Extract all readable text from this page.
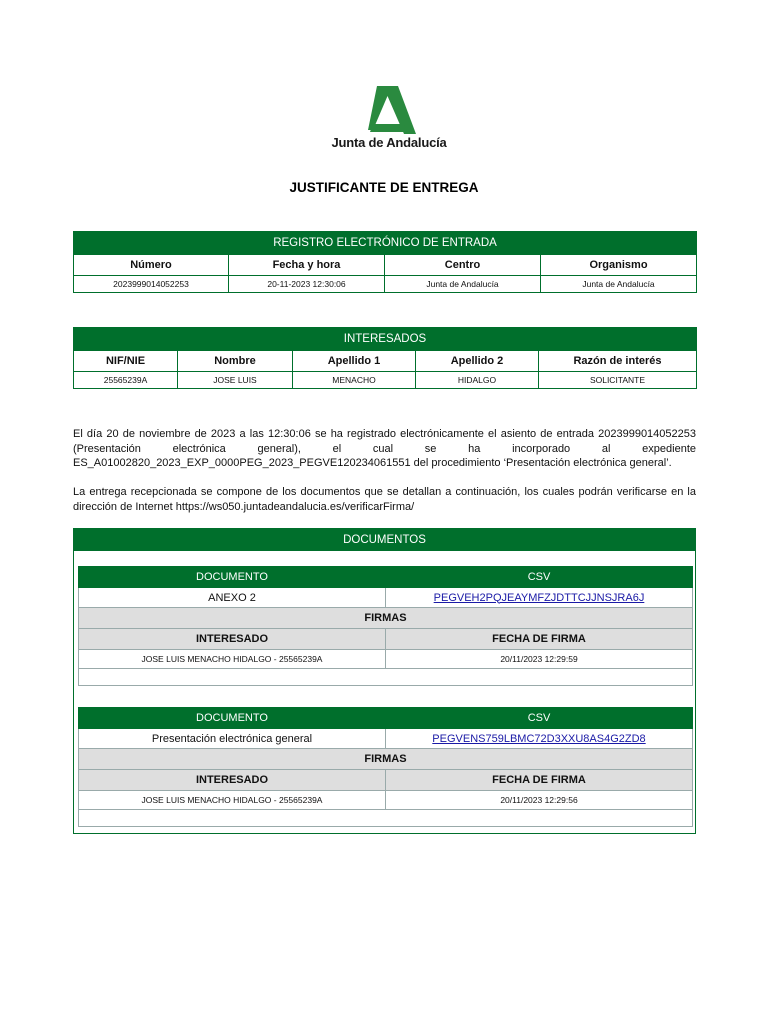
Junta de Andalucía
JUSTIFICANTE DE ENTREGA
REGISTRO ELECTRÓNICO DE ENTRADA			
Número	Fecha y hora	Centro	Organismo
2023999014052253	20-11-2023 12:30:06	Junta de Andalucía	Junta de Andalucía
INTERESADOS				
NIF/NIE	Nombre	Apellido 1	Apellido 2	Razón de interés
25565239A	JOSE LUIS	MENACHO	HIDALGO	SOLICITANTE
El día 20 de noviembre de 2023 a las 12:30:06 se ha registrado electrónicamente el asiento de entrada 2023999014052253 (Presentación electrónica general), el cual se ha incorporado al expediente ES_A01002820_2023_EXP_0000PEG_2023_PEGVE120234061551 del procedimiento ‘Presentación electrónica general’.
La entrega recepcionada se compone de los documentos que se detallan a continuación, los cuales podrán verificarse en la dirección de Internet https://ws050.juntadeandalucia.es/verificarFirma/
DOCUMENTOS
DOCUMENTO	CSV
ANEXO 2	PEGVEH2PQJEAYMFZJDTTCJJNSJRA6J
FIRMAS	
INTERESADO	FECHA DE FIRMA
JOSE LUIS MENACHO HIDALGO - 25565239A	20/11/2023 12:29:59

DOCUMENTO	CSV
Presentación electrónica general	PEGVENS759LBMC72D3XXU8AS4G2ZD8
FIRMAS	
INTERESADO	FECHA DE FIRMA
JOSE LUIS MENACHO HIDALGO - 25565239A	20/11/2023 12:29:56
